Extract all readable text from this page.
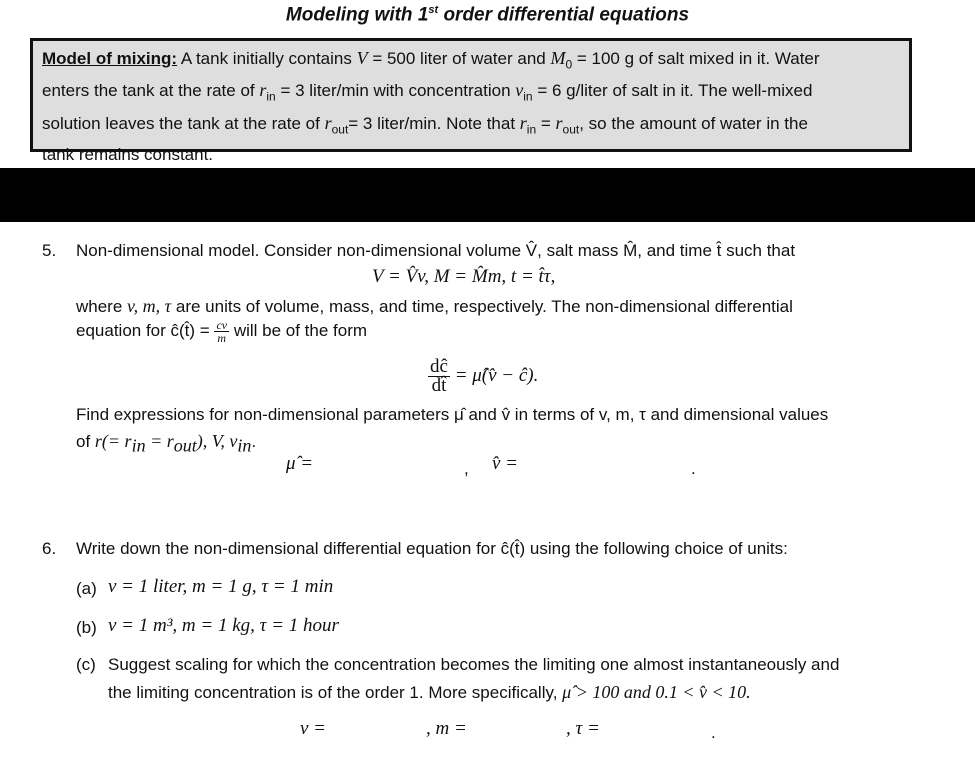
Modeling with 1st order differential equations
Model of mixing: A tank initially contains V = 500 liter of water and $M_0 = 100$ g of salt mixed in it. Water
enters the tank at the rate of $r_{in} = 3$ liter/min with concentration $v_{in} = 6$ g/liter of salt in it. The well-mixed
solution leaves the tank at the rate of $r_{out}= 3$ liter/min. Note that $r_{in} = r_{out}$, so the amount of water in the
tank remains constant.
5. Non-dimensional model. Consider non-dimensional volume V̂, salt mass M̂, and time t̂ such that
V = V̂v, M = M̂m, t = t̂τ,
where v, m, τ are units of volume, mass, and time, respectively. The non-dimensional differential
equation for ĉ(t̂) = $\frac{cv}{m}$ will be of the form
$\frac{dĉ}{dt̂}$ = μ̂(v̂ − ĉ).
Find expressions for non-dimensional parameters μ̂ and v̂ in terms of v, m, τ and dimensional values
of $r(= r_{in} = r_{out})$, V, $v_{in}$.
μ̂ =	, v̂ =	.
6. Write down the non-dimensional differential equation for ĉ(t̂) using the following choice of units:
(a) v = 1 liter, m = 1 g, τ = 1 min
(b) v = 1 m³, m = 1 kg, τ = 1 hour
(c) Suggest scaling for which the concentration becomes the limiting one almost instantaneously and
the limiting concentration is of the order 1. More specifically, μ̂ > 100 and 0.1 < v̂ < 10.
v =	, m =	, τ =	.
